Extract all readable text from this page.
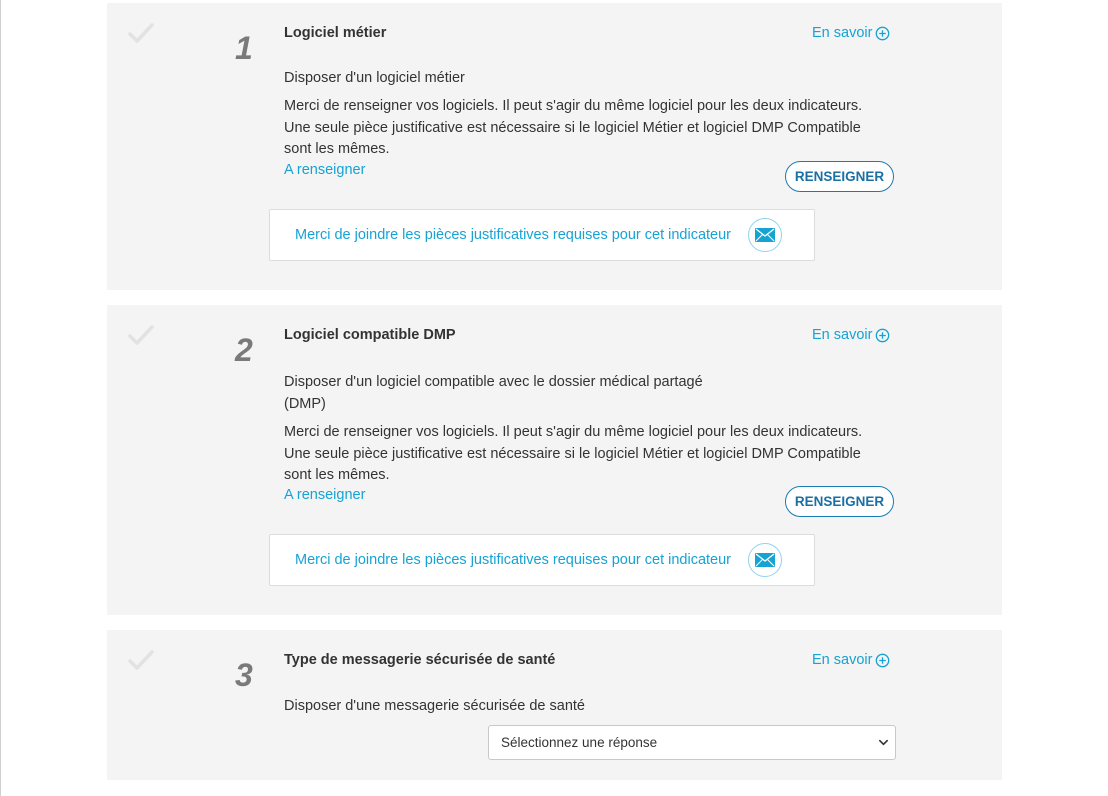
1 Logiciel métier	En savoir
Disposer d'un logiciel métier
Merci de renseigner vos logiciels. Il peut s'agir du même logiciel pour les deux indicateurs.
Une seule pièce justificative est nécessaire si le logiciel Métier et logiciel DMP Compatible
sont les mêmes.
A renseigner	RENSEIGNER
Merci de joindre les pièces justificatives requises pour cet indicateur
2 Logiciel compatible DMP	En savoir
Disposer d'un logiciel compatible avec le dossier médical partagé
(DMP)
Merci de renseigner vos logiciels. Il peut s'agir du même logiciel pour les deux indicateurs.
Une seule pièce justificative est nécessaire si le logiciel Métier et logiciel DMP Compatible
sont les mêmes.
A renseigner	RENSEIGNER
Merci de joindre les pièces justificatives requises pour cet indicateur
3 Type de messagerie sécurisée de santé	En savoir
Disposer d'une messagerie sécurisée de santé
Sélectionnez une réponse
